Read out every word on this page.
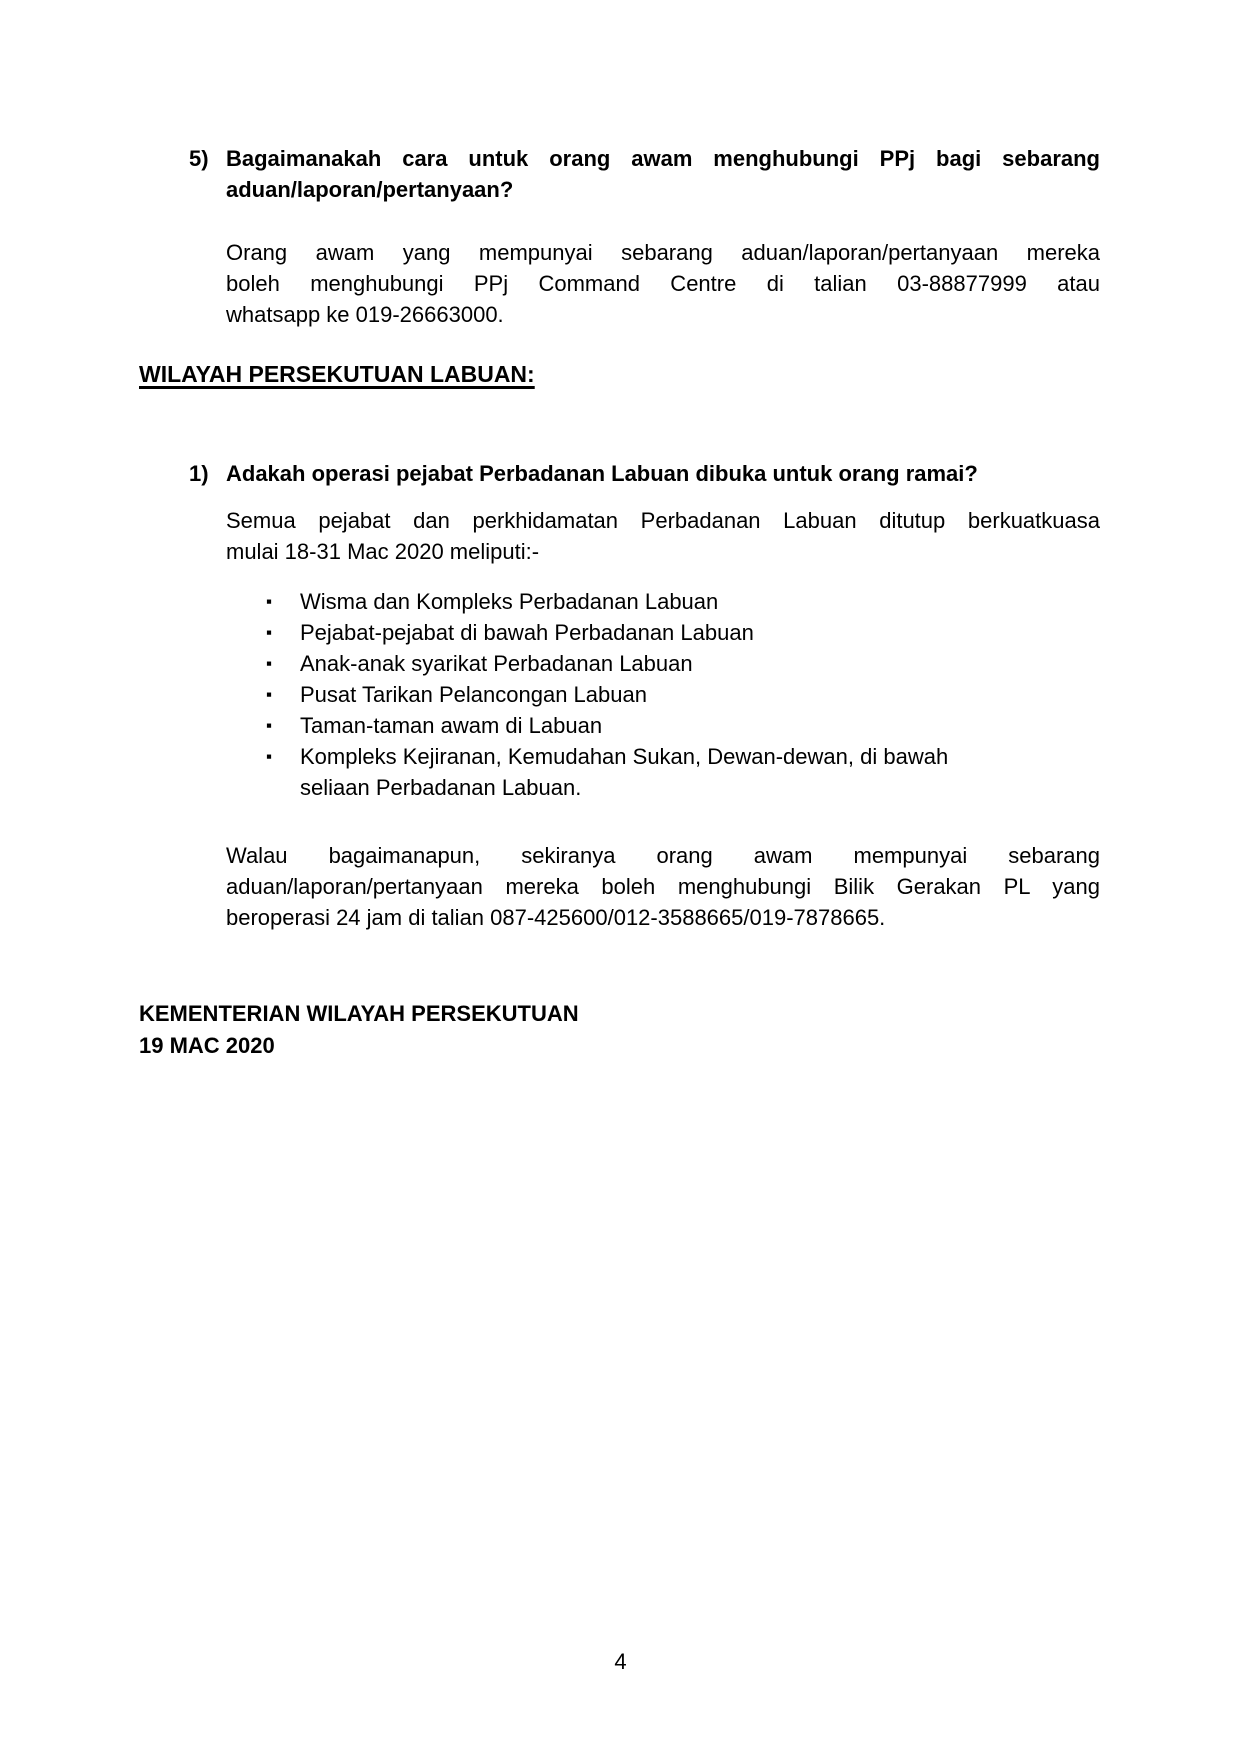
5) Bagaimanakah cara untuk orang awam menghubungi PPj bagi sebarang
aduan/laporan/pertanyaan?
Orang awam yang mempunyai sebarang aduan/laporan/pertanyaan mereka
boleh menghubungi PPj Command Centre di talian 03-88877999 atau
whatsapp ke 019-26663000.
WILAYAH PERSEKUTUAN LABUAN:
1) Adakah operasi pejabat Perbadanan Labuan dibuka untuk orang ramai?
Semua pejabat dan perkhidamatan Perbadanan Labuan ditutup berkuatkuasa
mulai 18-31 Mac 2020 meliputi:-
▪	Wisma dan Kompleks Perbadanan Labuan
▪	Pejabat-pejabat di bawah Perbadanan Labuan
▪	Anak-anak syarikat Perbadanan Labuan
▪	Pusat Tarikan Pelancongan Labuan
▪	Taman-taman awam di Labuan
▪	Kompleks Kejiranan, Kemudahan Sukan, Dewan-dewan, di bawah
seliaan Perbadanan Labuan.
Walau bagaimanapun, sekiranya orang awam mempunyai sebarang
aduan/laporan/pertanyaan mereka boleh menghubungi Bilik Gerakan PL yang
beroperasi 24 jam di talian 087-425600/012-3588665/019-7878665.
KEMENTERIAN WILAYAH PERSEKUTUAN
19 MAC 2020
4
